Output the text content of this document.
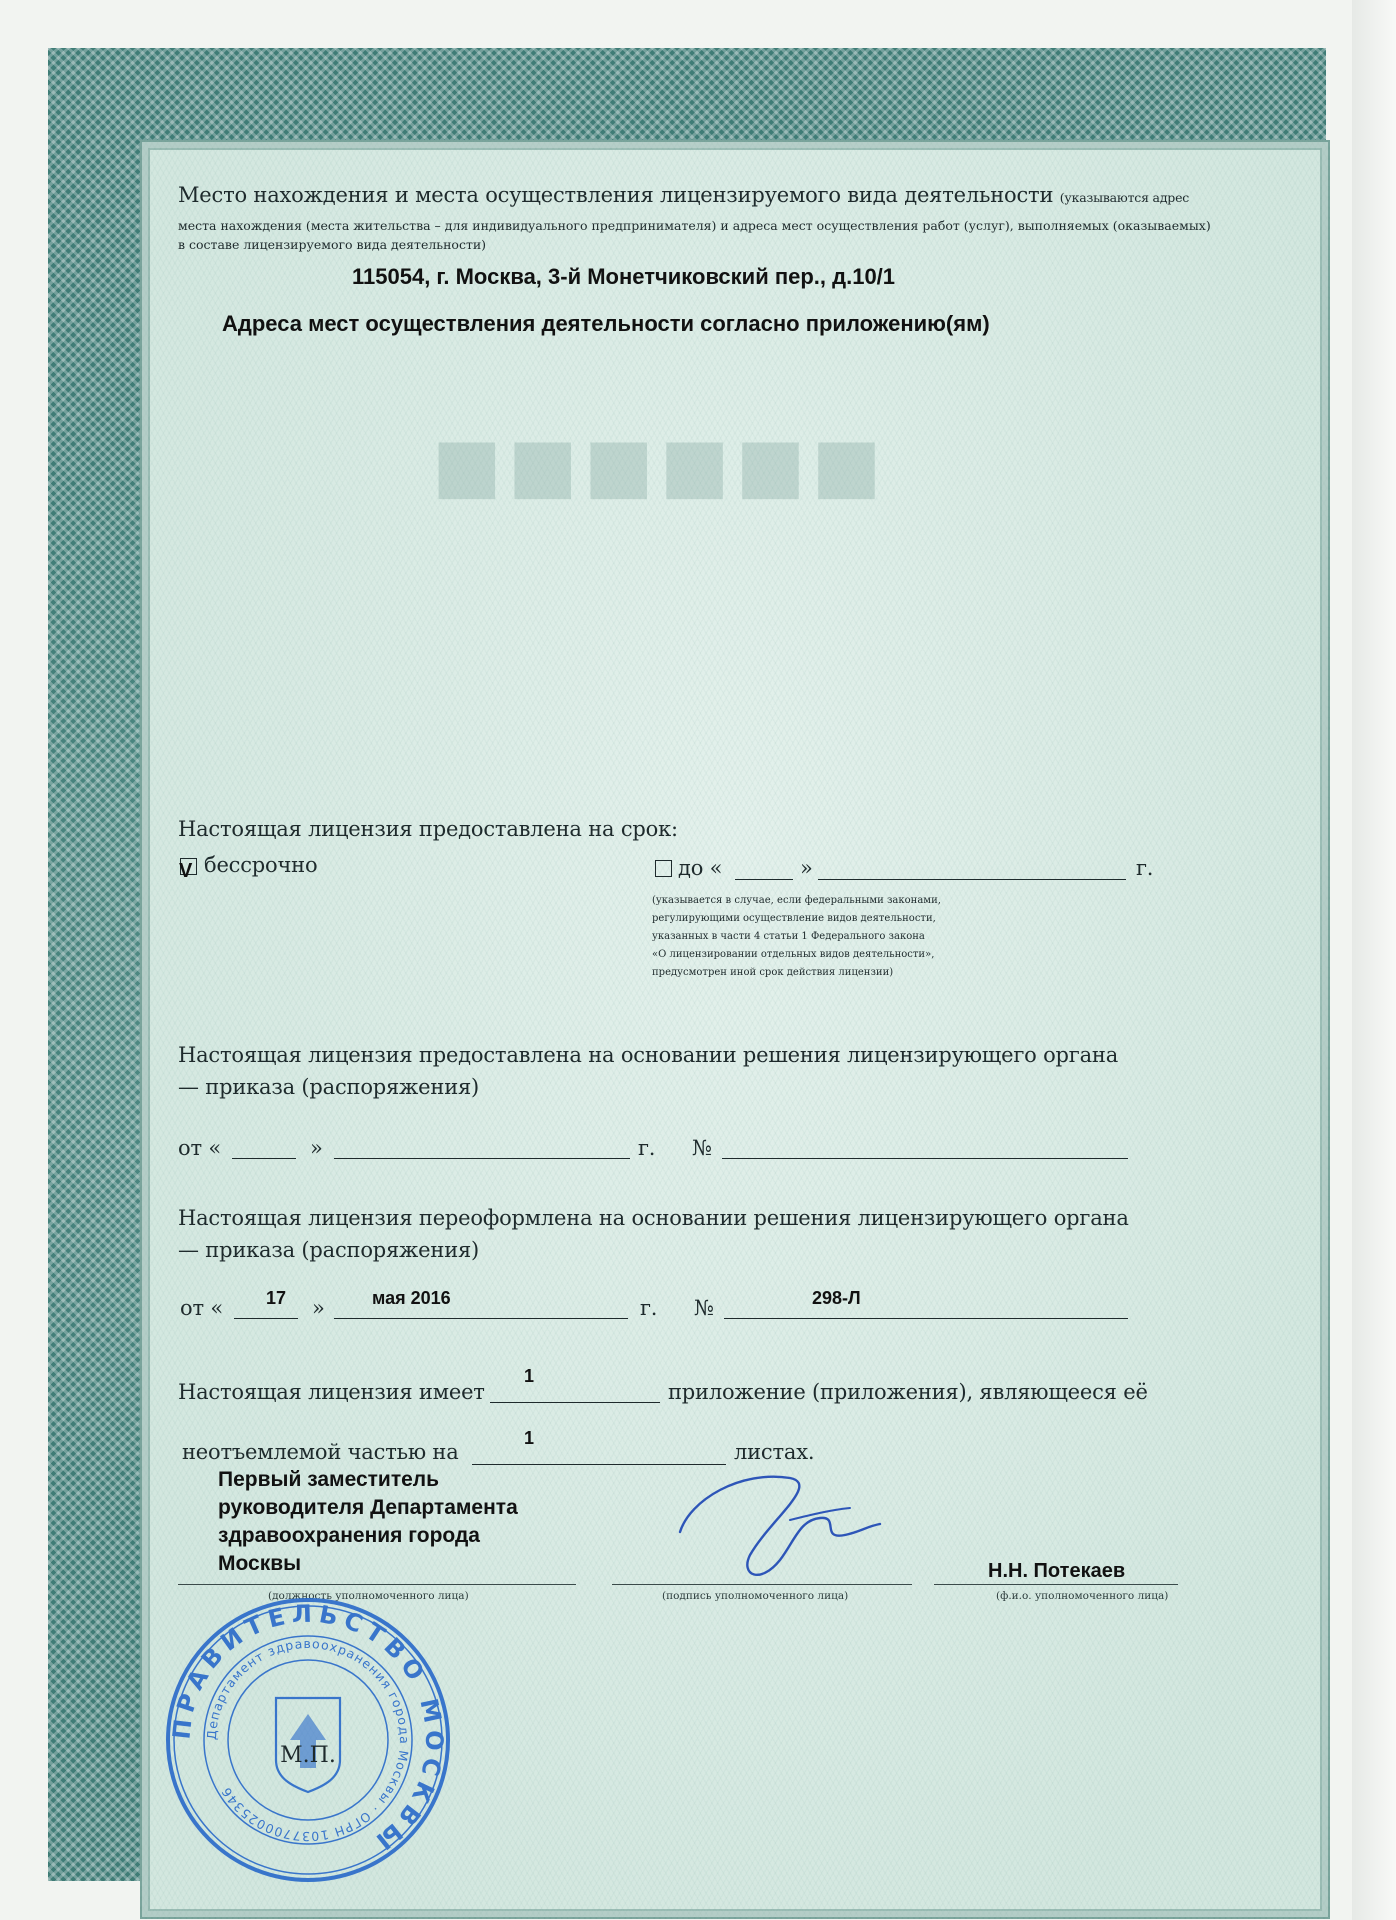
■■■■■■
Место нахождения и места осуществления лицензируемого вида деятельности (указываются адрес
места нахождения (места жительства – для индивидуального предпринимателя) и адреса мест осуществления работ (услуг), выполняемых (оказываемых)
в составе лицензируемого вида деятельности)
115054, г. Москва, 3-й Монетчиковский пер., д.10/1
Адреса мест осуществления деятельности согласно приложению(ям)
Настоящая лицензия предоставлена на срок:
V бессрочно	до «	»	г.
(указывается в случае, если федеральными законами,
регулирующими осуществление видов деятельности,
указанных в части 4 статьи 1 Федерального закона
«О лицензировании отдельных видов деятельности»,
предусмотрен иной срок действия лицензии)
Настоящая лицензия предоставлена на основании решения лицензирующего органа
— приказа (распоряжения)
от «	»	г. №
Настоящая лицензия переоформлена на основании решения лицензирующего органа
— приказа (распоряжения)
от « 17 »	мая 2016	г. №	298-Л
Настоящая лицензия имеет
1
приложение (приложения), являющееся её
неотъемлемой частью на
1
листах.
Первый заместитель
руководителя Департамента
здравоохранения города
Москвы	Н.Н. Потекаев
(должность уполномоченного лица)	(подпись уполномоченного лица)	(ф.и.о. уполномоченного лица)
ПРАВИТЕЛЬСТВО МОСКВЫ
Департамент здравоохранения города Москвы · ОГРН 1037700025346
М.П.
